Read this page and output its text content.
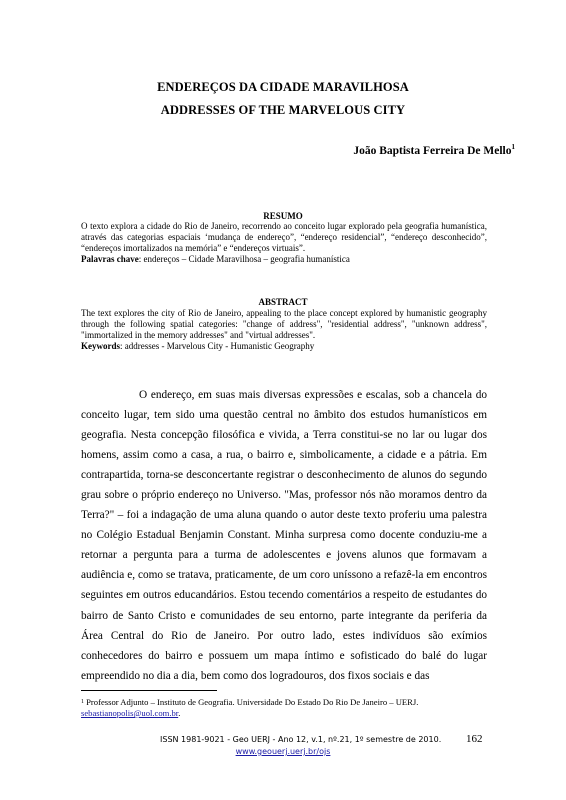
ENDEREÇOS DA CIDADE MARAVILHOSA
ADDRESSES OF THE MARVELOUS CITY
João Baptista Ferreira De Mello$^1$
RESUMO
O texto explora a cidade do Rio de Janeiro, recorrendo ao conceito lugar explorado pela geografia humanística, através das categorias espaciais ‘mudança de endereço”, “endereço residencial”, “endereço desconhecido”, “endereços imortalizados na memória” e “endereços virtuais”.
Palavras chave: endereços – Cidade Maravilhosa – geografia humanística
ABSTRACT
The text explores the city of Rio de Janeiro, appealing to the place concept explored by humanistic geography through the following spatial categories: "change of address", "residential address", "unknown address", "immortalized in the memory addresses" and "virtual addresses".
Keywords: addresses - Marvelous City - Humanistic Geography

O endereço, em suas mais diversas expressões e escalas, sob a chancela do conceito lugar, tem sido uma questão central no âmbito dos estudos humanísticos em geografia. Nesta concepção filosófica e vivida, a Terra constitui-se no lar ou lugar dos homens, assim como a casa, a rua, o bairro e, simbolicamente, a cidade e a pátria. Em contrapartida, torna-se desconcertante registrar o desconhecimento de alunos do segundo grau sobre o próprio endereço no Universo. "Mas, professor nós não moramos dentro da Terra?" – foi a indagação de uma aluna quando o autor deste texto proferiu uma palestra no Colégio Estadual Benjamin Constant. Minha surpresa como docente conduziu-me a retornar a pergunta para a turma de adolescentes e jovens alunos que formavam a audiência e, como se tratava, praticamente, de um coro uníssono a refazê-la em encontros seguintes em outros educandários. Estou tecendo comentários a respeito de estudantes do bairro de Santo Cristo e comunidades de seu entorno, parte integrante da periferia da Área Central do Rio de Janeiro. Por outro lado, estes indivíduos são exímios conhecedores do bairro e possuem um mapa íntimo e sofisticado do balé do lugar empreendido no dia a dia, bem como dos logradouros, dos fixos sociais e das

$^1$ Professor Adjunto – Instituto de Geografia. Universidade Do Estado Do Rio De Janeiro – UERJ.
sebastianopolis@uol.com.br.
ISSN 1981-9021 - Geo UERJ - Ano 12, v.1, nº.21, 1º semestre de 2010.
www.geouerj.uerj.br/ojs
162
